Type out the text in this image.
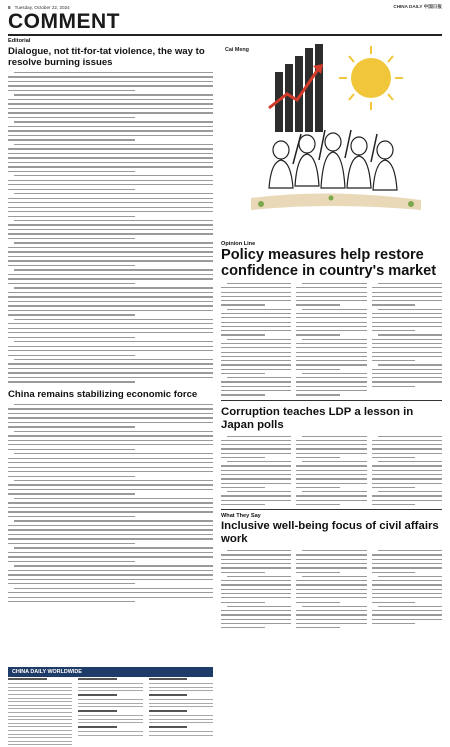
8 Tuesday, October 22, 2024	CHINA DAILY 中国日报
COMMENT
Editorial
Dialogue, not tit-for-tat violence, the way to resolve burning issues
China remains stabilizing economic force
CHINA DAILY WORLDWIDE
Cai Meng
Opinion Line
Policy measures help restore confidence in country's market
Corruption teaches LDP a lesson in Japan polls
What They Say
Inclusive well-being focus of civil affairs work
